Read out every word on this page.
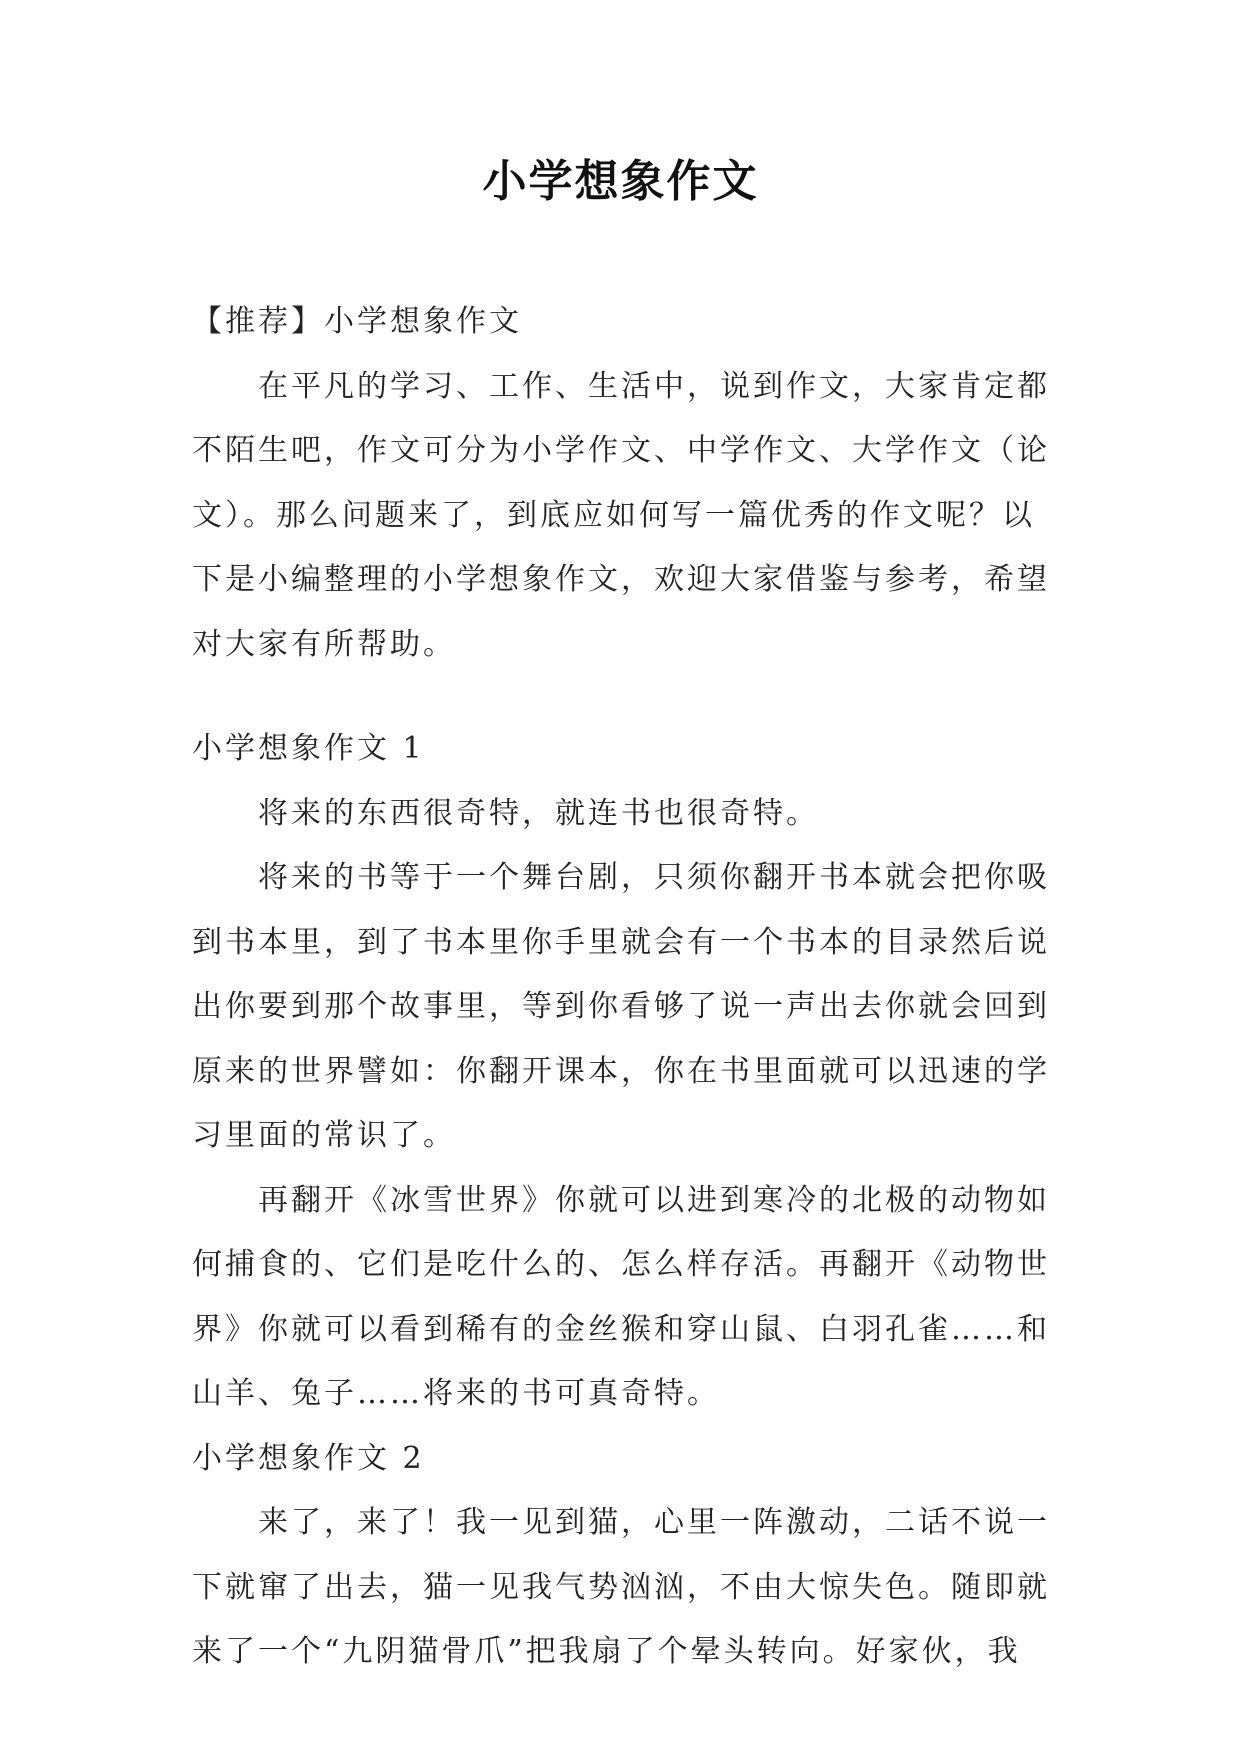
小学想象作文

【推荐】小学想象作文

在平凡的学习、工作、生活中，说到作文，大家肯定都不陌生吧，作文可分为小学作文、中学作文、大学作文（论文）。那么问题来了，到底应如何写一篇优秀的作文呢？以下是小编整理的小学想象作文，欢迎大家借鉴与参考，希望对大家有所帮助。

小学想象作文 1

将来的东西很奇特，就连书也很奇特。

将来的书等于一个舞台剧，只须你翻开书本就会把你吸到书本里，到了书本里你手里就会有一个书本的目录然后说出你要到那个故事里，等到你看够了说一声出去你就会回到原来的世界譬如：你翻开课本，你在书里面就可以迅速的学习里面的常识了。

再翻开《冰雪世界》你就可以进到寒冷的北极的动物如何捕食的、它们是吃什么的、怎么样存活。再翻开《动物世界》你就可以看到稀有的金丝猴和穿山鼠、白羽孔雀……和山羊、兔子……将来的书可真奇特。

小学想象作文 2

来了，来了！我一见到猫，心里一阵激动，二话不说一下就窜了出去，猫一见我气势汹汹，不由大惊失色。随即就来了一个“九阴猫骨爪”把我扇了个晕头转向。好家伙，我
